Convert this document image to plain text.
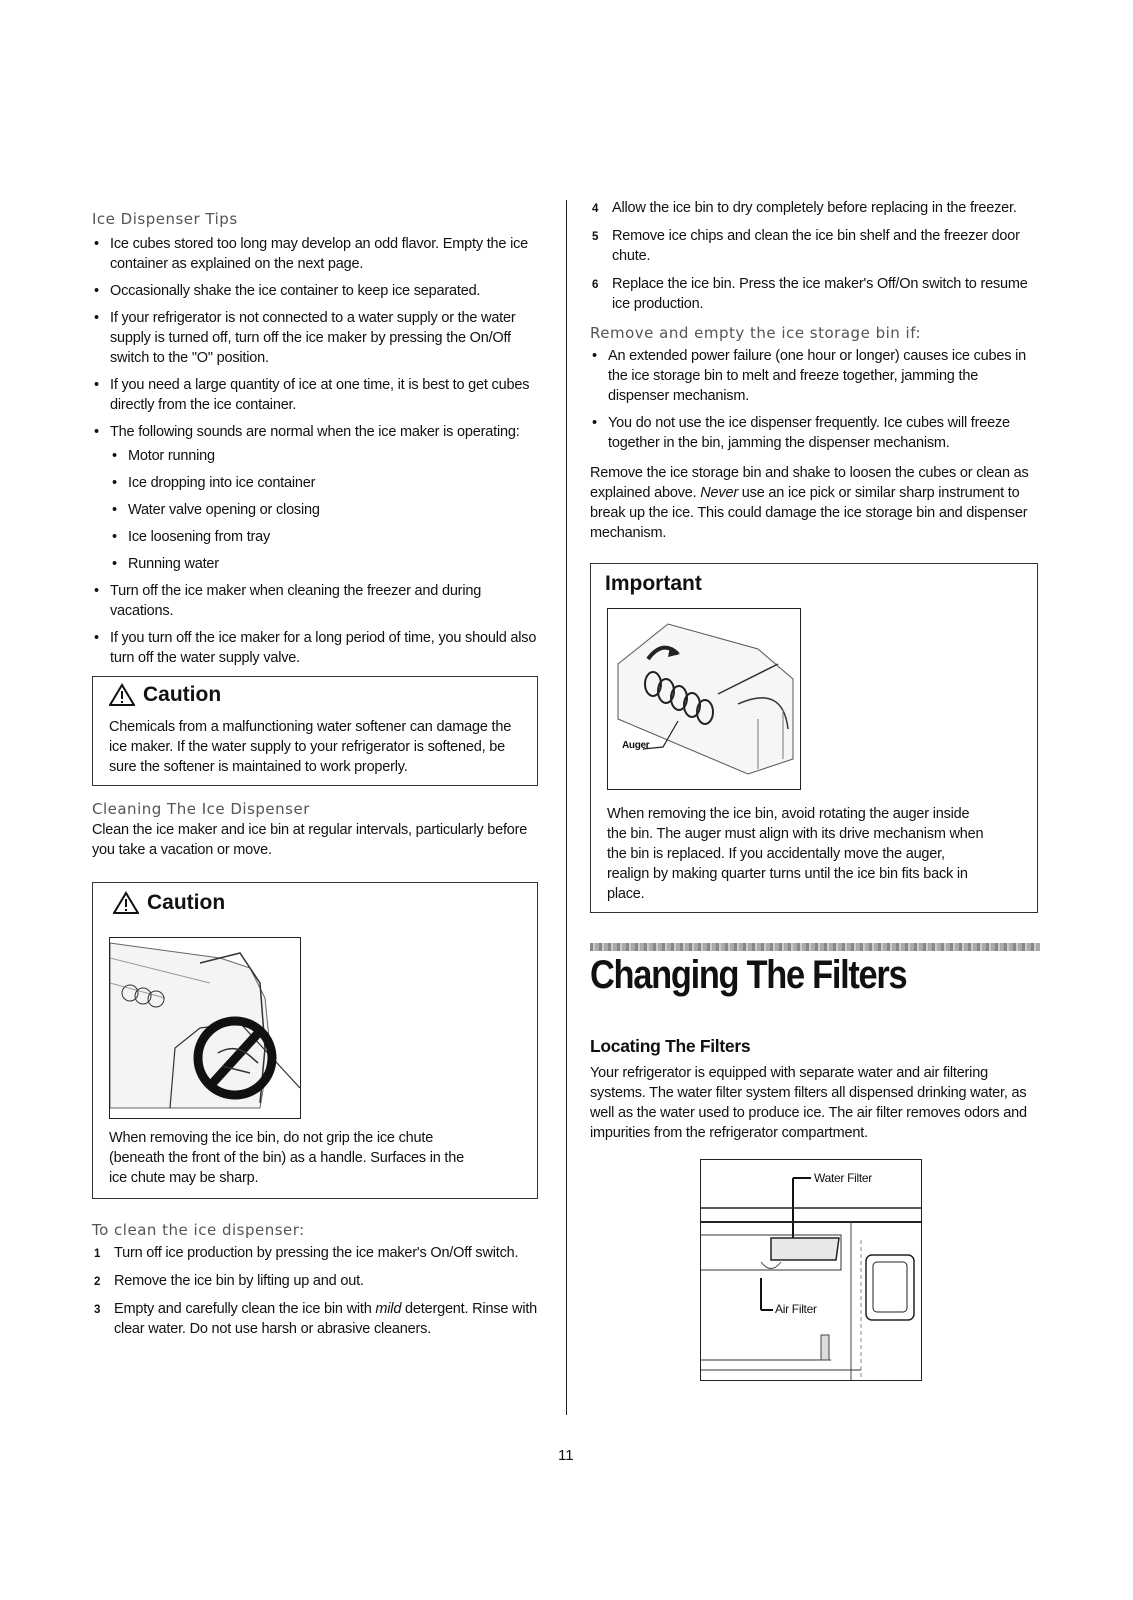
Ice Dispenser Tips
• Ice cubes stored too long may develop an odd flavor. Empty the ice container as explained on the next page.
• Occasionally shake the ice container to keep ice separated.
• If your refrigerator is not connected to a water supply or the water supply is turned off, turn off the ice maker by pressing the On/Off switch to the "O" position.
• If you need a large quantity of ice at one time, it is best to get cubes directly from the ice container.
• The following sounds are normal when the ice maker is operating:
• Motor running
• Ice dropping into ice container
• Water valve opening or closing
• Ice loosening from tray
• Running water
• Turn off the ice maker when cleaning the freezer and during vacations.
• If you turn off the ice maker for a long period of time, you should also turn off the water supply valve.
Caution

Chemicals from a malfunctioning water softener can damage the ice maker. If the water supply to your refrigerator is softened, be sure the softener is maintained to work properly.

Cleaning The Ice Dispenser

Clean the ice maker and ice bin at regular intervals, particularly before you take a vacation or move.

Caution

When removing the ice bin, do not grip the ice chute (beneath the front of the bin) as a handle. Surfaces in the ice chute may be sharp.

To clean the ice dispenser:
1 Turn off ice production by pressing the ice maker's On/Off switch.
2 Remove the ice bin by lifting up and out.
3 Empty and carefully clean the ice bin with mild detergent. Rinse with clear water. Do not use harsh or abrasive cleaners.
4 Allow the ice bin to dry completely before replacing in the freezer.
5 Remove ice chips and clean the ice bin shelf and the freezer door chute.
6 Replace the ice bin. Press the ice maker's Off/On switch to resume ice production.
Remove and empty the ice storage bin if:
• An extended power failure (one hour or longer) causes ice cubes in the ice storage bin to melt and freeze together, jamming the dispenser mechanism.
• You do not use the ice dispenser frequently. Ice cubes will freeze together in the bin, jamming the dispenser mechanism.

Remove the ice storage bin and shake to loosen the cubes or clean as explained above. Never use an ice pick or similar sharp instrument to break up the ice. This could damage the ice storage bin and dispenser mechanism.

Important
Auger

When removing the ice bin, avoid rotating the auger inside the bin. The auger must align with its drive mechanism when the bin is replaced. If you accidentally move the auger, realign by making quarter turns until the ice bin fits back in place.

Changing The Filters
Locating The Filters

Your refrigerator is equipped with separate water and air filtering systems. The water filter system filters all dispensed drinking water, as well as the water used to produce ice. The air filter removes odors and impurities from the refrigerator compartment.

Water Filter
Air Filter
11
